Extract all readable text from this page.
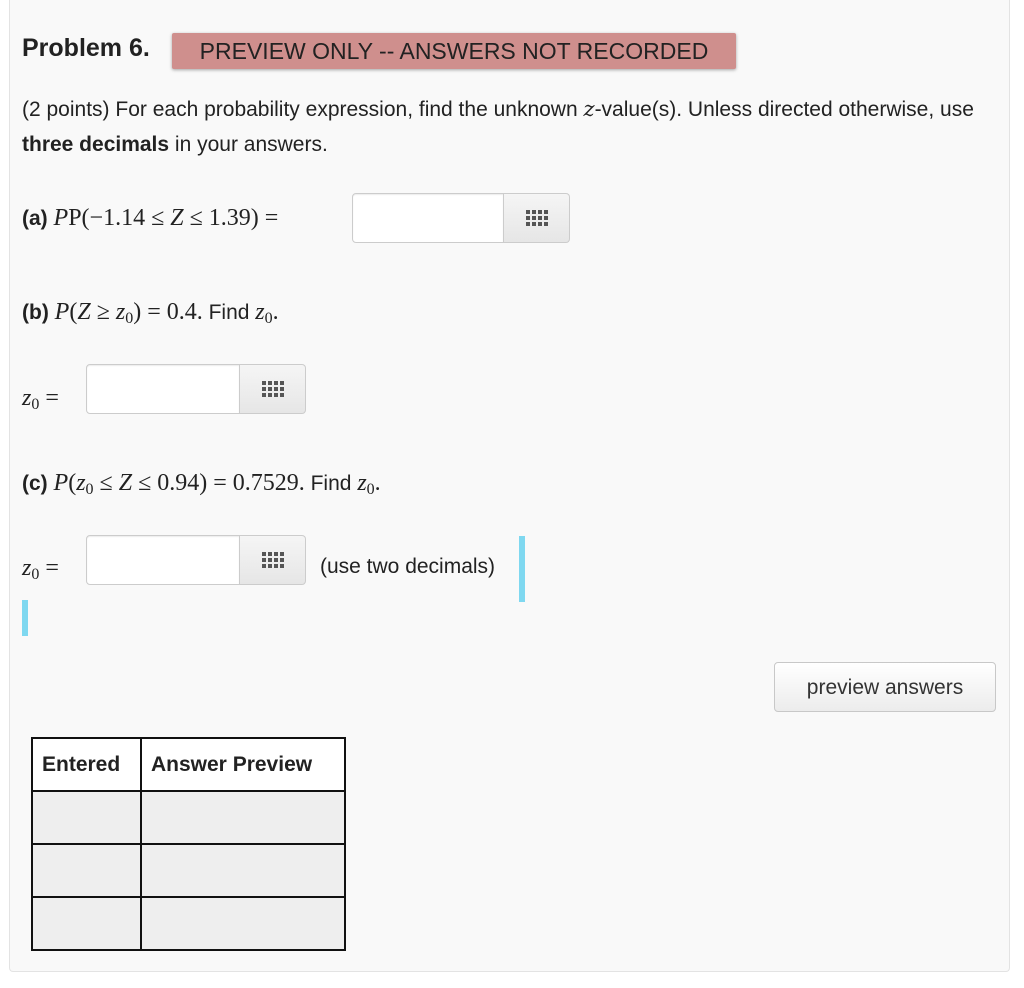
Problem 6.	PREVIEW ONLY -- ANSWERS NOT RECORDED
(2 points) For each probability expression, find the unknown z-value(s). Unless directed otherwise, use three decimals in your answers.
(a) PP(−1.14 ≤ Z ≤ 1.39) =
(b) $P(Z \ge z_0) = 0.4$. Find $z_0$.
$z_0$ =
(c) $P(z_0 \le Z \le 0.94) = 0.7529$. Find $z_0$.
$z_0$ =	(use two decimals)
preview answers
Entered	Answer Preview
